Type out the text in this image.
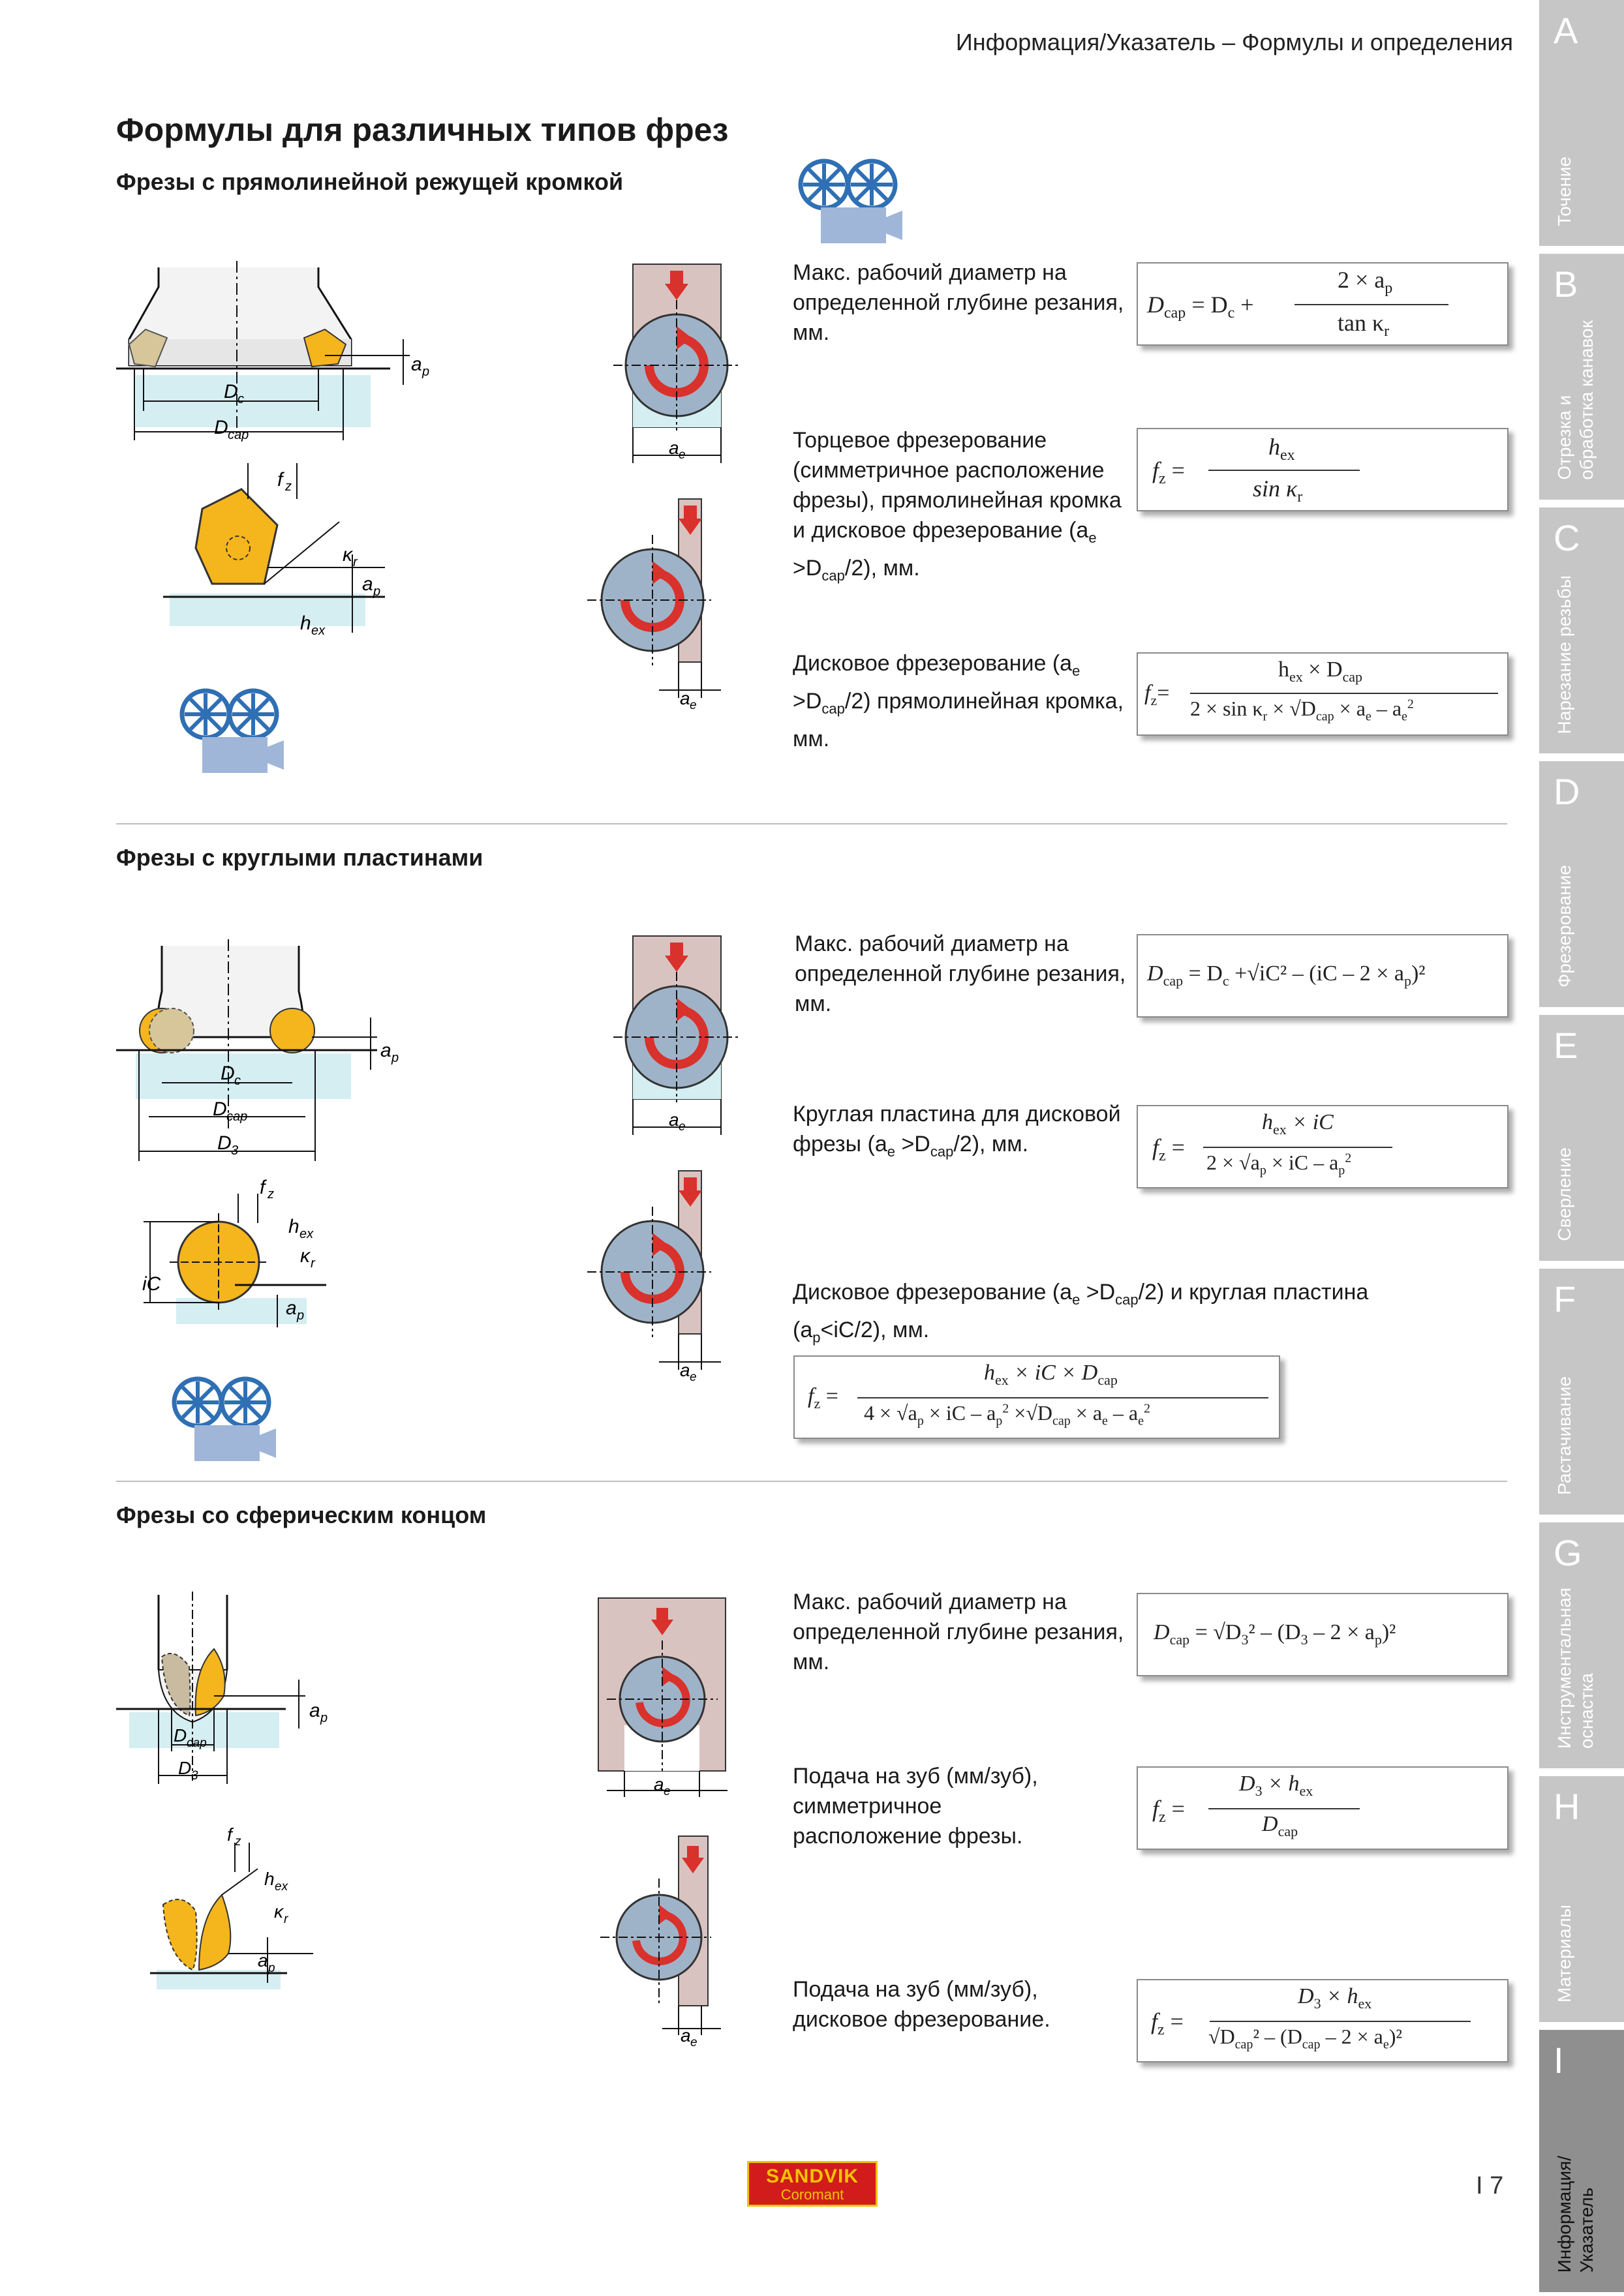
Информация/Указатель – Формулы и определения
Формулы для различных типов фрез
Фрезы с прямолинейной режущей кромкой
D c
D cap
a p
f z
κ r
a p
h ex
a e
a e
Макс. рабочий диаметр на определенной глубине резания, мм.
Торцевое фрезерование (симметричное расположение фрезы), прямолинейная кромка и дисковое фрезерование $(a_e >D_{cap}/2)$, мм.
Дисковое фрезерование $(a_e >D_{cap}/2)$ прямолинейная кромка, мм.
$D_{cap} = D_c$ +
$2 \times a_p$
$\tan \kappa_r$
$f_z$ =
$h_{ex}$
$\sin \kappa_r$
$f_z=$
$h_{ex} \times D_{cap}$
$2 \times \sin \kappa_r \times √D_{cap} \times a_e - a_e^2$
Фрезы с круглыми пластинами
D c
D cap
D 3
a p
iC
f z
h ex
κ r
a p
a e
a e
Макс. рабочий диаметр на определенной глубине резания, мм.
Круглая пластина для дисковой фрезы $(a_e >D_{cap}/2)$, мм.
Дисковое фрезерование $(a_e >D_{cap}/2)$ и круглая пластина $(a_p<iC/2)$, мм.
$D_{cap} = D_c +√iC^2 - (iC - 2 \times a_p)^2$
$f_z$ =
$h_{ex}$ × iC
$2 \times √a_p$ × iC – $a_p^2$
$f_z$ =
$h_{ex}$ × iC × $D_{cap}$
$4 \times √a_p$ × iC – $a_p^2 \times√D_{cap} \times a_e - a_e^2$
Фрезы со сферическим концом
D cap
D 3
a p
f z
h ex
κ r
a p
a e
a e
Макс. рабочий диаметр на определенной глубине резания, мм.
Подача на зуб (мм/зуб), симметричное расположение фрезы.
Подача на зуб (мм/зуб), дисковое фрезерование.
$D_{cap} = √D_3^2 - (D_3 - 2 \times a_p)^2$
$f_z$ =
$D_3 \times h_{ex}$
$D_{cap}$
$f_z$ =
$D_3 \times h_{ex}$
$√D_{cap}^2 - (D_{cap} - 2 \times a_e)^2$
SANDVIK
Coromant	I 7
A
Точение
B
Отрезка и
обработка канавок
C
Нарезание резьбы
D
Фрезерование
E
Сверление
F
Растачивание
G
Инструментальная
оснастка
H
Материалы
I
Информация/
Указатель
